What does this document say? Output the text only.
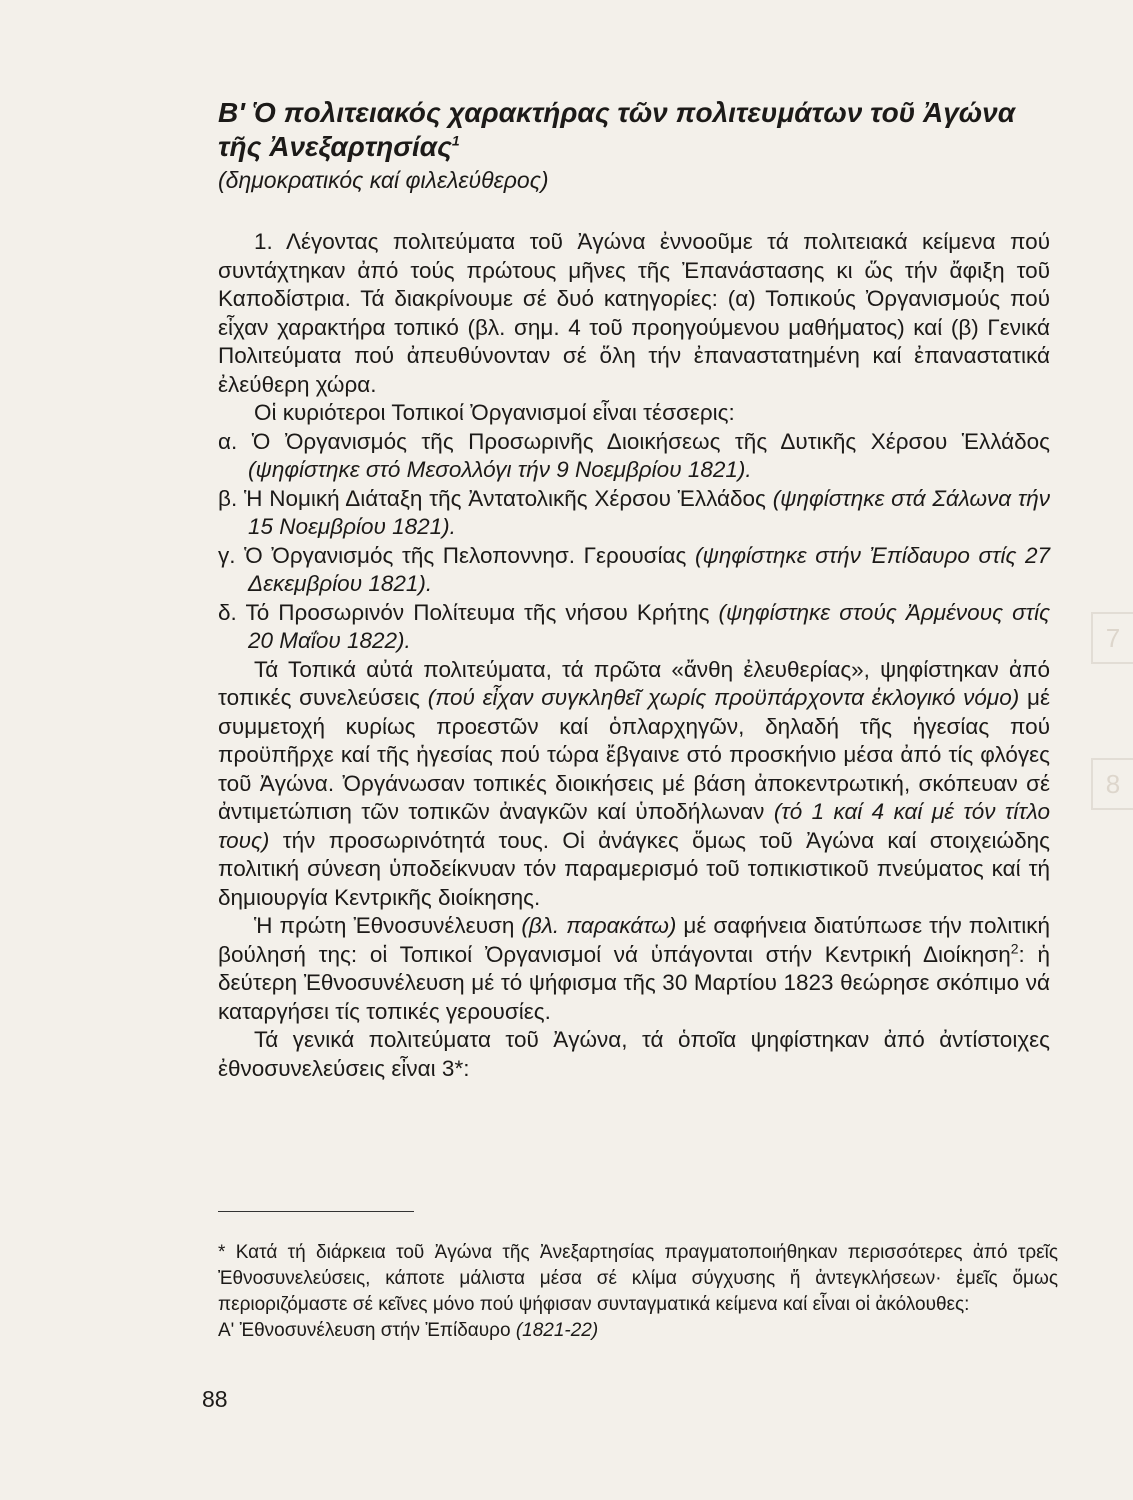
7
8
Β' Ὁ πολιτειακός χαρακτήρας τῶν πολιτευμάτων τοῦ Ἀγώνα
τῆς Ἀνεξαρτησίας$^1$
(δημοκρατικός καί φιλελεύθερος)

1. Λέγοντας πολιτεύματα τοῦ Ἀγώνα ἐννοοῦμε τά πολιτειακά κείμενα πού συντάχτηκαν ἀπό τούς πρώτους μῆνες τῆς Ἐπανάστασης κι ὥς τήν ἄφιξη τοῦ Καποδίστρια. Τά διακρίνουμε σέ δυό κατηγορίες: (α) Τοπικούς Ὀργανισμούς πού εἶχαν χαρακτήρα τοπικό (βλ. σημ. 4 τοῦ προηγούμενου μαθήματος) καί (β) Γενικά Πολιτεύματα πού ἀπευθύνονταν σέ ὅλη τήν ἐπαναστατημένη καί ἐπαναστατικά ἐλεύθερη χώρα.

Οἱ κυριότεροι Τοπικοί Ὀργανισμοί εἶναι τέσσερις:

α. Ὁ Ὀργανισμός τῆς Προσωρινῆς Διοικήσεως τῆς Δυτικῆς Χέρσου Ἑλλάδος (ψηφίστηκε στό Μεσολλόγι τήν 9 Νοεμβρίου 1821).

β. Ἡ Νομική Διάταξη τῆς Ἀντατολικῆς Χέρσου Ἑλλάδος (ψηφίστηκε στά Σάλωνα τήν 15 Νοεμβρίου 1821).

γ. Ὁ Ὀργανισμός τῆς Πελοποννησ. Γερουσίας (ψηφίστηκε στήν Ἐπίδαυρο στίς 27 Δεκεμβρίου 1821).

δ. Τό Προσωρινόν Πολίτευμα τῆς νήσου Κρήτης (ψηφίστηκε στούς Ἀρμένους στίς 20 Μαΐου 1822).

Τά Τοπικά αὐτά πολιτεύματα, τά πρῶτα «ἄνθη ἐλευθερίας», ψηφίστηκαν ἀπό τοπικές συνελεύσεις (πού εἶχαν συγκληθεῖ χωρίς προϋπάρχοντα ἐκλογικό νόμο) μέ συμμετοχή κυρίως προεστῶν καί ὁπλαρχηγῶν, δηλαδή τῆς ἡγεσίας πού προϋπῆρχε καί τῆς ἡγεσίας πού τώρα ἔβγαινε στό προσκήνιο μέσα ἀπό τίς φλόγες τοῦ Ἀγώνα. Ὀργάνωσαν τοπικές διοικήσεις μέ βάση ἀποκεντρωτική, σκόπευαν σέ ἀντιμετώπιση τῶν τοπικῶν ἀναγκῶν καί ὑποδήλωναν (τό 1 καί 4 καί μέ τόν τίτλο τους) τήν προσωρινότητά τους. Οἱ ἀνάγκες ὅμως τοῦ Ἀγώνα καί στοιχειώδης πολιτική σύνεση ὑποδείκνυαν τόν παραμερισμό τοῦ τοπικιστικοῦ πνεύματος καί τή δημιουργία Κεντρικῆς διοίκησης.

Ἡ πρώτη Ἐθνοσυνέλευση (βλ. παρακάτω) μέ σαφήνεια διατύπωσε τήν πολιτική βούλησή της: οἱ Τοπικοί Ὀργανισμοί νά ὑπάγονται στήν Κεντρική Διοίκηση$^2$: ἡ δεύτερη Ἐθνοσυνέλευση μέ τό ψήφισμα τῆς 30 Μαρτίου 1823 θεώρησε σκόπιμο νά καταργήσει τίς τοπικές γερουσίες.

Τά γενικά πολιτεύματα τοῦ Ἀγώνα, τά ὁποῖα ψηφίστηκαν ἀπό ἀντίστοιχες ἐθνοσυνελεύσεις εἶναι 3*:

* Κατά τή διάρκεια τοῦ Ἀγώνα τῆς Ἀνεξαρτησίας πραγματοποιήθηκαν περισσότερες ἀπό τρεῖς Ἐθνοσυνελεύσεις, κάποτε μάλιστα μέσα σέ κλίμα σύγχυσης ἤ ἀντεγκλήσεων· ἐμεῖς ὅμως περιοριζόμαστε σέ κεῖνες μόνο πού ψήφισαν συνταγματικά κείμενα καί εἶναι οἱ ἀκόλουθες:

Α' Ἐθνοσυνέλευση στήν Ἐπίδαυρο (1821-22)

88
